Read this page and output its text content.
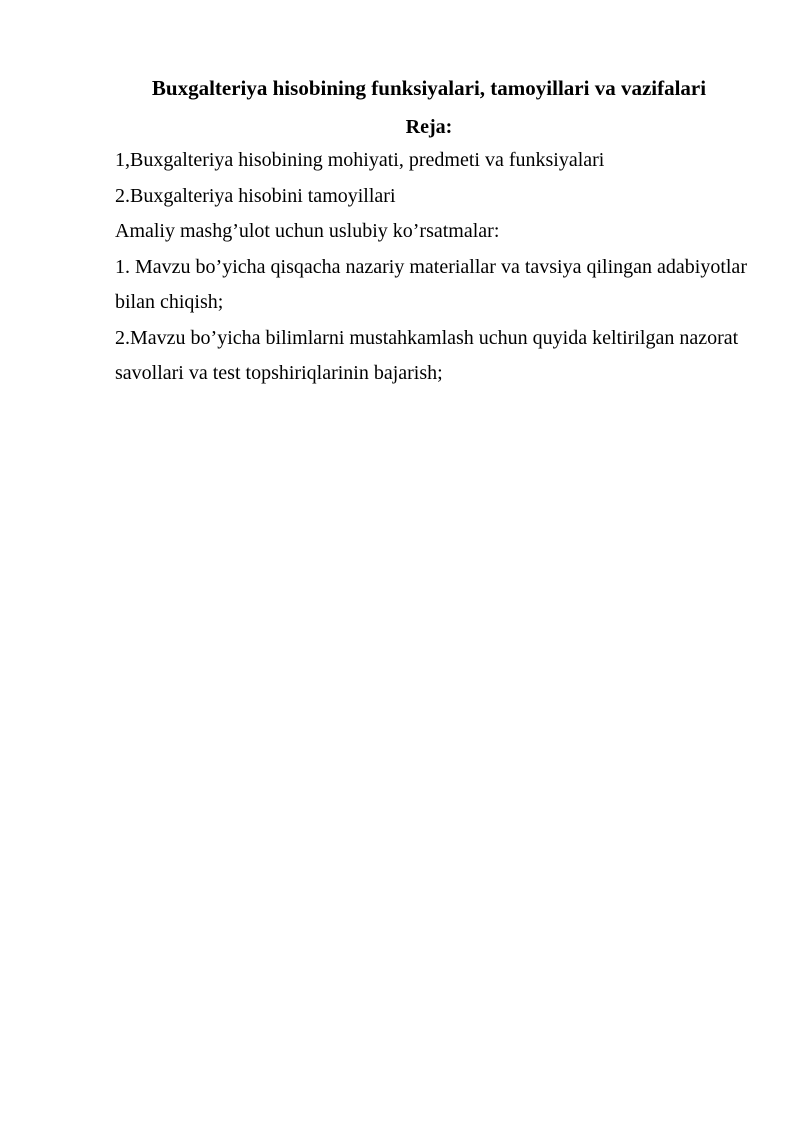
Buxgalteriya hisobining funksiyalari, tamoyillari va vazifalari
Reja:

1,Buxgalteriya hisobining mohiyati, predmeti va funksiyalari

2.Buxgalteriya hisobini tamoyillari

Amaliy mashg’ulot uchun uslubiy ko’rsatmalar:

1. Mavzu bo’yicha qisqacha nazariy materiallar va tavsiya qilingan adabiyotlar bilan chiqish;

2.Mavzu bo’yicha bilimlarni mustahkamlash uchun quyida keltirilgan nazorat savollari va test topshiriqlarinin bajarish;
